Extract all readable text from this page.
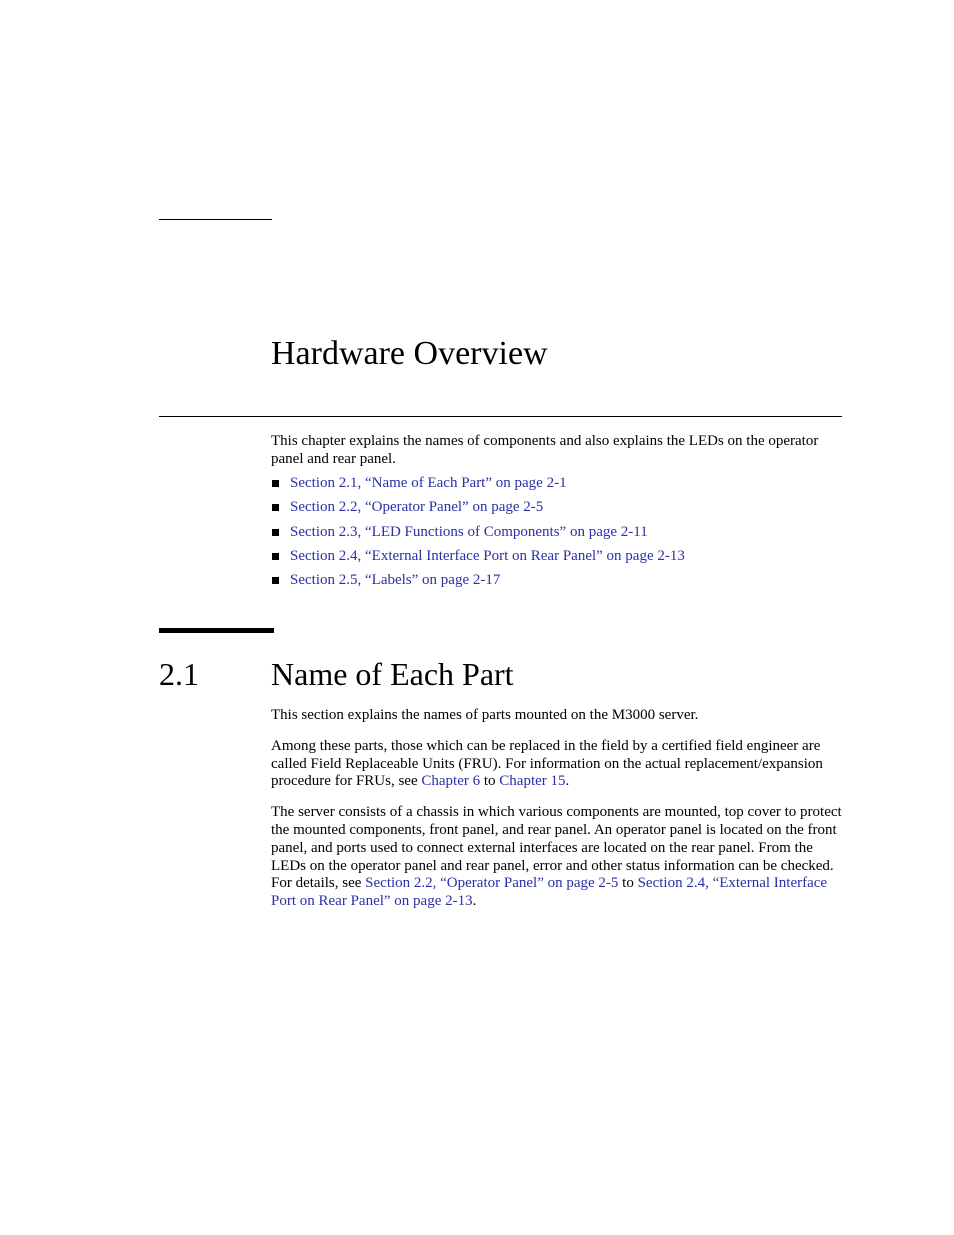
Hardware Overview

This chapter explains the names of components and also explains the LEDs on the operator panel and rear panel.

Section 2.1, “Name of Each Part” on page 2-1
Section 2.2, “Operator Panel” on page 2-5
Section 2.3, “LED Functions of Components” on page 2-11
Section 2.4, “External Interface Port on Rear Panel” on page 2-13
Section 2.5, “Labels” on page 2-17
2.1 Name of Each Part

This section explains the names of parts mounted on the M3000 server.

Among these parts, those which can be replaced in the field by a certified field engineer are called Field Replaceable Units (FRU). For information on the actual replacement/expansion procedure for FRUs, see Chapter 6 to Chapter 15.

The server consists of a chassis in which various components are mounted, top cover to protect the mounted components, front panel, and rear panel. An operator panel is located on the front panel, and ports used to connect external interfaces are located on the rear panel. From the LEDs on the operator panel and rear panel, error and other status information can be checked. For details, see Section 2.2, “Operator Panel” on page 2-5 to Section 2.4, “External Interface Port on Rear Panel” on page 2-13.
